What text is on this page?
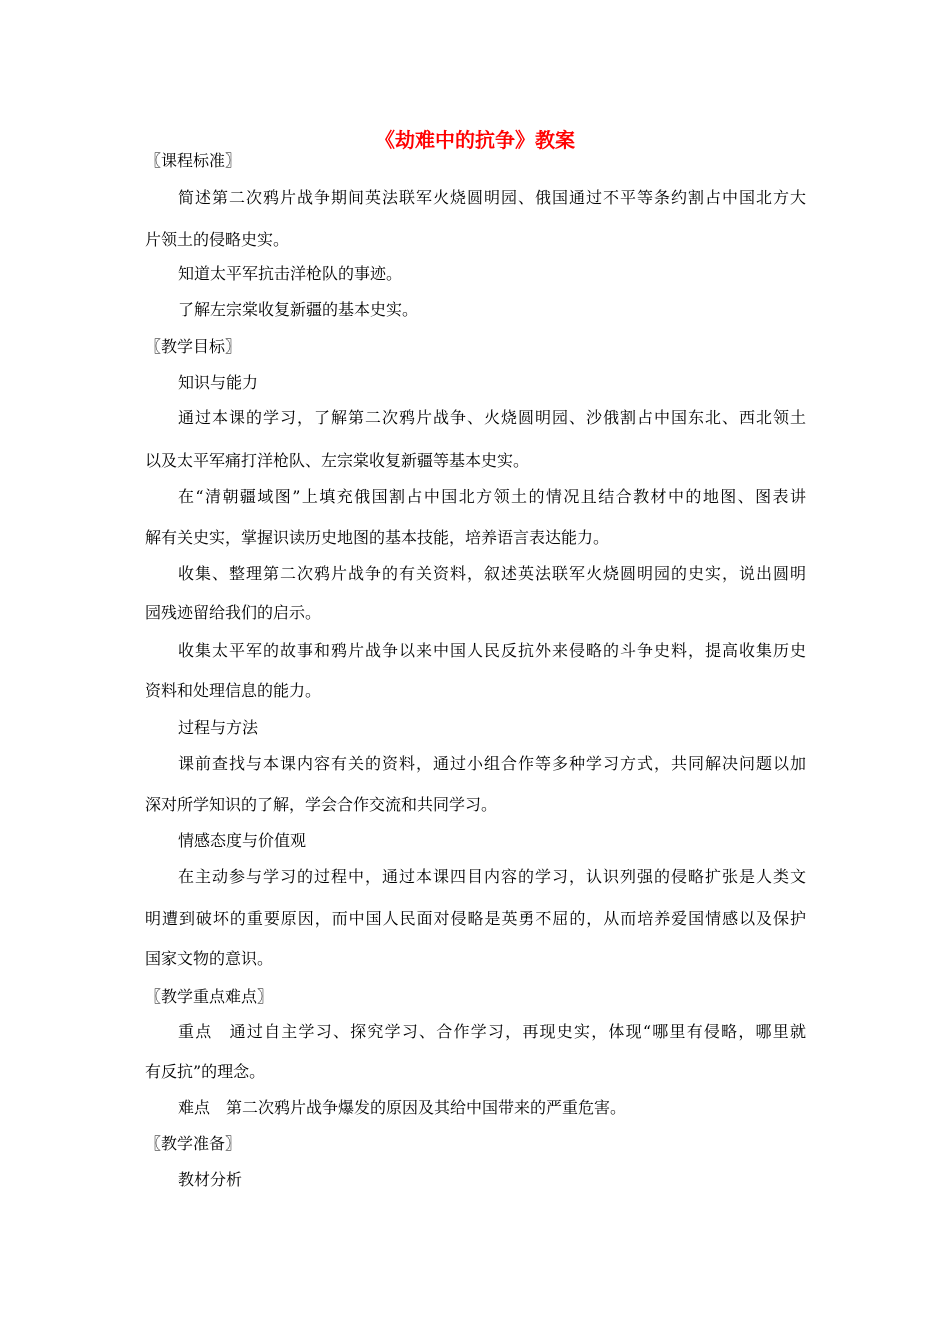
《劫难中的抗争》教案
〖课程标准〗
简述第二次鸦片战争期间英法联军火烧圆明园、俄国通过不平等条约割占中国北方大
片领土的侵略史实。
知道太平军抗击洋枪队的事迹。
了解左宗棠收复新疆的基本史实。
〖教学目标〗
知识与能力
通过本课的学习，了解第二次鸦片战争、火烧圆明园、沙俄割占中国东北、西北领土
以及太平军痛打洋枪队、左宗棠收复新疆等基本史实。
在“清朝疆域图”上填充俄国割占中国北方领土的情况且结合教材中的地图、图表讲
解有关史实，掌握识读历史地图的基本技能，培养语言表达能力。
收集、整理第二次鸦片战争的有关资料，叙述英法联军火烧圆明园的史实，说出圆明
园残迹留给我们的启示。
收集太平军的故事和鸦片战争以来中国人民反抗外来侵略的斗争史料，提高收集历史
资料和处理信息的能力。
过程与方法
课前查找与本课内容有关的资料，通过小组合作等多种学习方式，共同解决问题以加
深对所学知识的了解，学会合作交流和共同学习。
情感态度与价值观
在主动参与学习的过程中，通过本课四目内容的学习，认识列强的侵略扩张是人类文
明遭到破坏的重要原因，而中国人民面对侵略是英勇不屈的，从而培养爱国情感以及保护
国家文物的意识。
〖教学重点难点〗
重点　通过自主学习、探究学习、合作学习，再现史实，体现“哪里有侵略，哪里就
有反抗”的理念。
难点　第二次鸦片战争爆发的原因及其给中国带来的严重危害。
〖教学准备〗
教材分析
